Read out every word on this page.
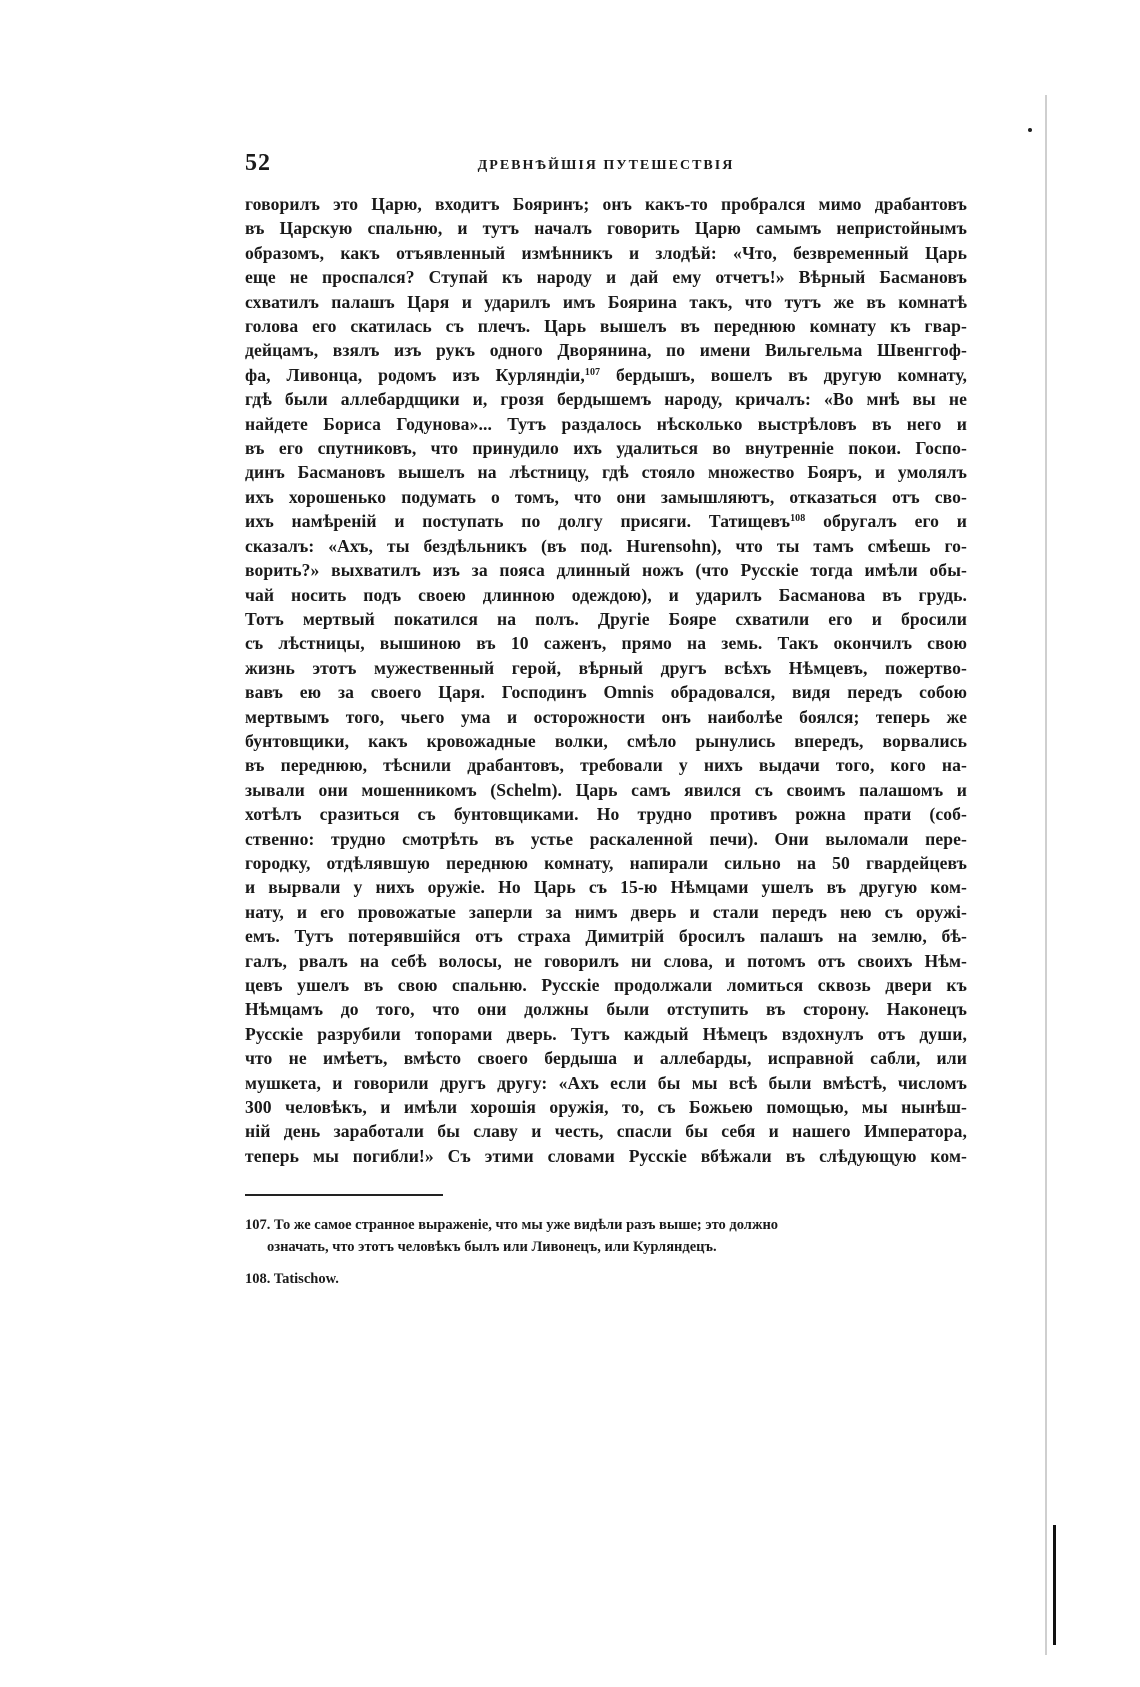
52	ДРЕВНѢЙШІЯ ПУТЕШЕСТВІЯ
говорилъ это Царю, входитъ Бояринъ; онъ какъ-то пробрался мимо драбантовъ
въ Царскую спальню, и тутъ началъ говорить Царю самымъ непристойнымъ
образомъ, какъ отъявленный измѣнникъ и злодѣй: «Что, безвременный Царь
еще не проспался? Ступай къ народу и дай ему отчетъ!» Вѣрный Басмановъ
схватилъ палашъ Царя и ударилъ имъ Боярина такъ, что тутъ же въ комнатѣ
голова его скатилась съ плечъ. Царь вышелъ въ переднюю комнату къ гвар-
дейцамъ, взялъ изъ рукъ одного Дворянина, по имени Вильгельма Швенггоф-
фа, Ливонца, родомъ изъ Курляндіи,$^{107}$ бердышъ, вошелъ въ другую комнату,
гдѣ были аллебардщики и, грозя бердышемъ народу, кричалъ: «Во мнѣ вы не
найдете Бориса Годунова»... Тутъ раздалось нѣсколько выстрѣловъ въ него и
въ его спутниковъ, что принудило ихъ удалиться во внутренніе покои. Госпо-
динъ Басмановъ вышелъ на лѣстницу, гдѣ стояло множество Бояръ, и умолялъ
ихъ хорошенько подумать о томъ, что они замышляютъ, отказаться отъ сво-
ихъ намѣреній и поступать по долгу присяги. Татищевъ$^{108}$ обругалъ его и
сказалъ: «Ахъ, ты бездѣльникъ (въ под. Hurensohn), что ты тамъ смѣешь го-
ворить?» выхватилъ изъ за пояса длинный ножъ (что Русскіе тогда имѣли обы-
чай носить подъ своею длинною одеждою), и ударилъ Басманова въ грудь.
Тотъ мертвый покатился на полъ. Другіе Бояре схватили его и бросили
съ лѣстницы, вышиною въ 10 саженъ, прямо на земь. Такъ окончилъ свою
жизнь этотъ мужественный герой, вѣрный другъ всѣхъ Нѣмцевъ, пожертво-
вавъ ею за своего Царя. Господинъ Omnis обрадовался, видя передъ собою
мертвымъ того, чьего ума и осторожности онъ наиболѣе боялся; теперь же
бунтовщики, какъ кровожадные волки, смѣло рынулись впередъ, ворвались
въ переднюю, тѣснили драбантовъ, требовали у нихъ выдачи того, кого на-
зывали они мошенникомъ (Schelm). Царь самъ явился съ своимъ палашомъ и
хотѣлъ сразиться съ бунтовщиками. Но трудно противъ рожна прати (соб-
ственно: трудно смотрѣть въ устье раскаленной печи). Они выломали пере-
городку, отдѣлявшую переднюю комнату, напирали сильно на 50 гвардейцевъ
и вырвали у нихъ оружіе. Но Царь съ 15-ю Нѣмцами ушелъ въ другую ком-
нату, и его провожатые заперли за нимъ дверь и стали передъ нею съ оружі-
емъ. Тутъ потерявшійся отъ страха Димитрій бросилъ палашъ на землю, бѣ-
галъ, рвалъ на себѣ волосы, не говорилъ ни слова, и потомъ отъ своихъ Нѣм-
цевъ ушелъ въ свою спальню. Русскіе продолжали ломиться сквозь двери къ
Нѣмцамъ до того, что они должны были отступить въ сторону. Наконецъ
Русскіе разрубили топорами дверь. Тутъ каждый Нѣмецъ вздохнулъ отъ души,
что не имѣетъ, вмѣсто своего бердыша и аллебарды, исправной сабли, или
мушкета, и говорили другъ другу: «Ахъ если бы мы всѣ были вмѣстѣ, числомъ
300 человѣкъ, и имѣли хорошія оружія, то, съ Божьею помощью, мы нынѣш-
ній день заработали бы славу и честь, спасли бы себя и нашего Императора,
теперь мы погибли!» Съ этими словами Русскіе вбѣжали въ слѣдующую ком-
107. То же самое странное выраженіе, что мы уже видѣли разъ выше; это должно
означать, что этотъ человѣкъ былъ или Ливонецъ, или Курляндецъ.
108. Tatischow.
